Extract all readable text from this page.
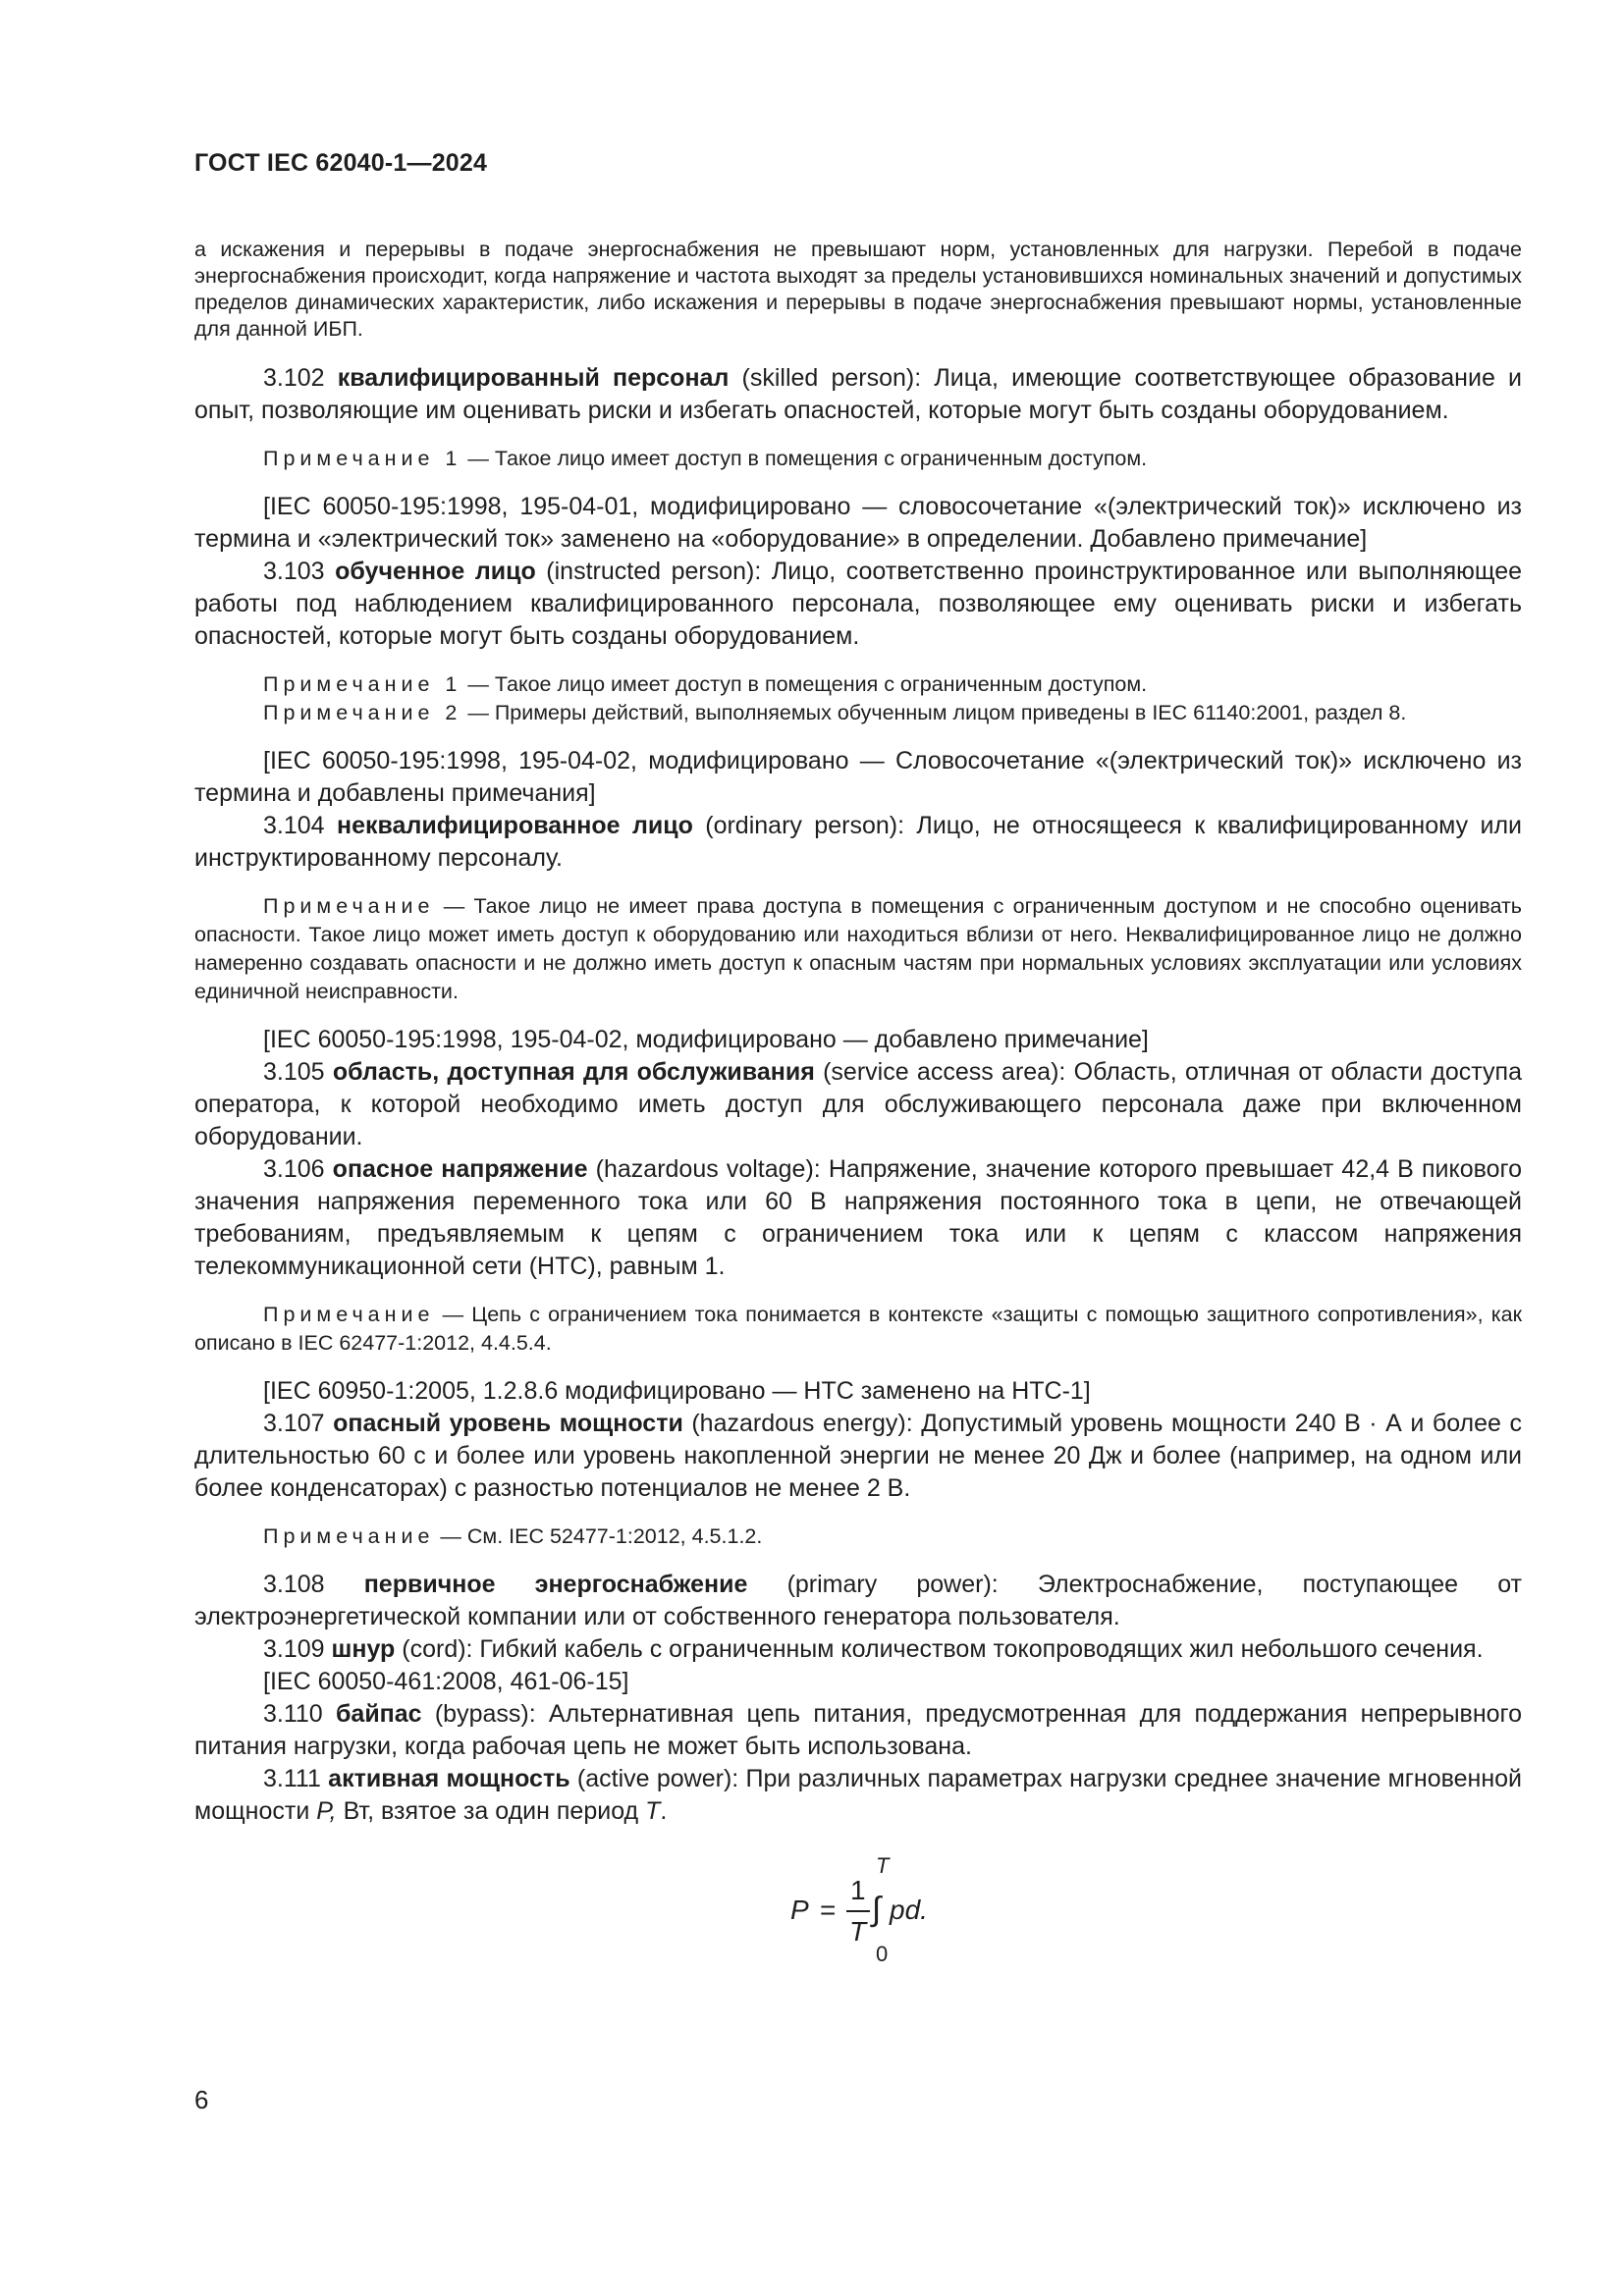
ГОСТ IEC 62040-1—2024

а искажения и перерывы в подаче энергоснабжения не превышают норм, установленных для нагрузки. Перебой в подаче энергоснабжения происходит, когда напряжение и частота выходят за пределы установившихся номинальных значений и допустимых пределов динамических характеристик, либо искажения и перерывы в подаче энергоснабжения превышают нормы, установленные для данной ИБП.

3.102 квалифицированный персонал (skilled person): Лица, имеющие соответствующее образование и опыт, позволяющие им оценивать риски и избегать опасностей, которые могут быть созданы оборудованием.

Примечание 1 — Такое лицо имеет доступ в помещения с ограниченным доступом.

[IEC 60050-195:1998, 195-04-01, модифицировано — словосочетание «(электрический ток)» исключено из термина и «электрический ток» заменено на «оборудование» в определении. Добавлено примечание]

3.103 обученное лицо (instructed person): Лицо, соответственно проинструктированное или выполняющее работы под наблюдением квалифицированного персонала, позволяющее ему оценивать риски и избегать опасностей, которые могут быть созданы оборудованием.

Примечание 1 — Такое лицо имеет доступ в помещения с ограниченным доступом.

Примечание 2 — Примеры действий, выполняемых обученным лицом приведены в IEC 61140:2001, раздел 8.

[IEC 60050-195:1998, 195-04-02, модифицировано — Словосочетание «(электрический ток)» исключено из термина и добавлены примечания]

3.104 неквалифицированное лицо (ordinary person): Лицо, не относящееся к квалифицированному или инструктированному персоналу.

Примечание — Такое лицо не имеет права доступа в помещения с ограниченным доступом и не способно оценивать опасности. Такое лицо может иметь доступ к оборудованию или находиться вблизи от него. Неквалифицированное лицо не должно намеренно создавать опасности и не должно иметь доступ к опасным частям при нормальных условиях эксплуатации или условиях единичной неисправности.

[IEC 60050-195:1998, 195-04-02, модифицировано — добавлено примечание]

3.105 область, доступная для обслуживания (service access area): Область, отличная от области доступа оператора, к которой необходимо иметь доступ для обслуживающего персонала даже при включенном оборудовании.

3.106 опасное напряжение (hazardous voltage): Напряжение, значение которого превышает 42,4 В пикового значения напряжения переменного тока или 60 В напряжения постоянного тока в цепи, не отвечающей требованиям, предъявляемым к цепям с ограничением тока или к цепям с классом напряжения телекоммуникационной сети (НТС), равным 1.

Примечание — Цепь с ограничением тока понимается в контексте «защиты с помощью защитного сопротивления», как описано в IEC 62477-1:2012, 4.4.5.4.

[IEC 60950-1:2005, 1.2.8.6 модифицировано — НТС заменено на НТС-1]

3.107 опасный уровень мощности (hazardous energy): Допустимый уровень мощности 240 В · А и более с длительностью 60 с и более или уровень накопленной энергии не менее 20 Дж и более (например, на одном или более конденсаторах) с разностью потенциалов не менее 2 В.

Примечание — См. IEC 52477-1:2012, 4.5.1.2.

3.108 первичное энергоснабжение (primary power): Электроснабжение, поступающее от электроэнергетической компании или от собственного генератора пользователя.

3.109 шнур (cord): Гибкий кабель с ограниченным количеством токопроводящих жил небольшого сечения.

[IEC 60050-461:2008, 461-06-15]

3.110 байпас (bypass): Альтернативная цепь питания, предусмотренная для поддержания непрерывного питания нагрузки, когда рабочая цепь не может быть использована.

3.111 активная мощность (active power): При различных параметрах нагрузки среднее значение мгновенной мощности P, Вт, взятое за один период T.

P =
1
T
T
∫
0
pd.
6
